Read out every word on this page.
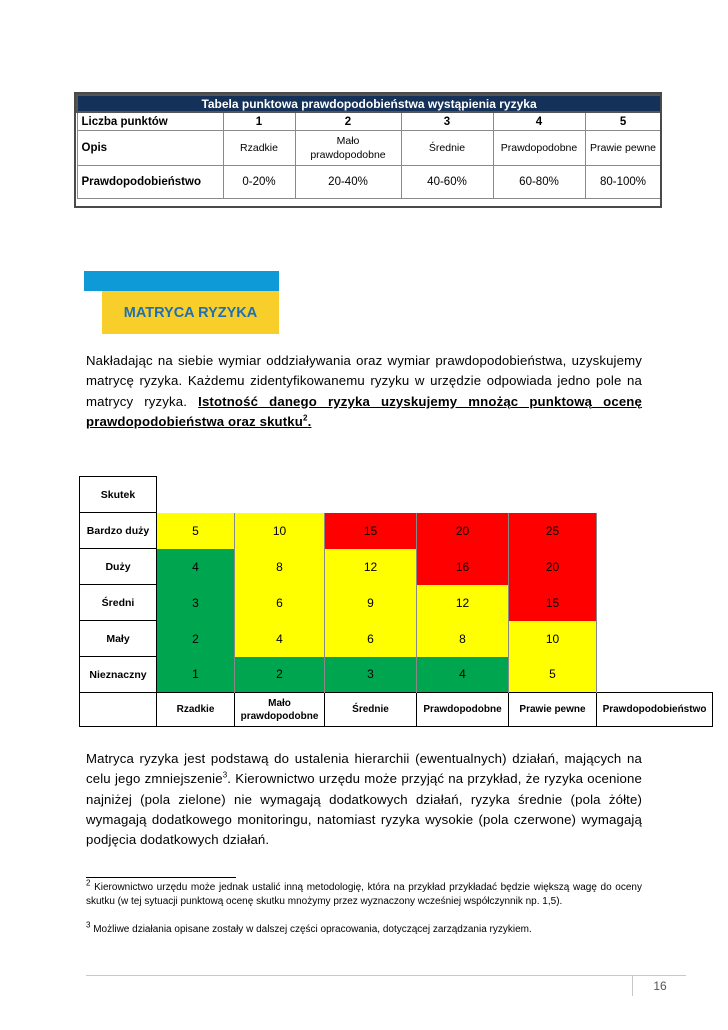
Tabela punktowa prawdopodobieństwa wystąpienia ryzyka					
Liczba punktów	1	2	3	4	5
Opis	Rzadkie	Mało prawdopodobne	Średnie	Prawdopodobne	Prawie pewne
Prawdopodobieństwo	0-20%	20-40%	40-60%	60-80%	80-100%
MATRYCA RYZYKA
Nakładając na siebie wymiar oddziaływania oraz wymiar prawdopodobieństwa, uzyskujemy matrycę ryzyka. Każdemu zidentyfikowanemu ryzyku w urzędzie odpowiada jedno pole na matrycy ryzyka. Istotność danego ryzyka uzyskujemy mnożąc punktową ocenę prawdopodobieństwa oraz skutku$^2$.
Skutek						
Bardzo duży	5	10	15	20	25	
Duży	4	8	12	16	20	
Średni	3	6	9	12	15	
Mały	2	4	6	8	10	
Nieznaczny	1	2	3	4	5	
	Rzadkie	Mało prawdopodobne	Średnie	Prawdopodobne	Prawie pewne	Prawdopodobieństwo
Matryca ryzyka jest podstawą do ustalenia hierarchii (ewentualnych) działań, mających na celu jego zmniejszenie$^3$. Kierownictwo urzędu może przyjąć na przykład, że ryzyka ocenione najniżej (pola zielone) nie wymagają dodatkowych działań, ryzyka średnie (pola żółte) wymagają dodatkowego monitoringu, natomiast ryzyka wysokie (pola czerwone) wymagają podjęcia dodatkowych działań.
$^2$ Kierownictwo urzędu może jednak ustalić inną metodologię, która na przykład przykładać będzie większą wagę do oceny skutku (w tej sytuacji punktową ocenę skutku mnożymy przez wyznaczony wcześniej współczynnik np. 1,5).
$^3$ Możliwe działania opisane zostały w dalszej części opracowania, dotyczącej zarządzania ryzykiem.
16
